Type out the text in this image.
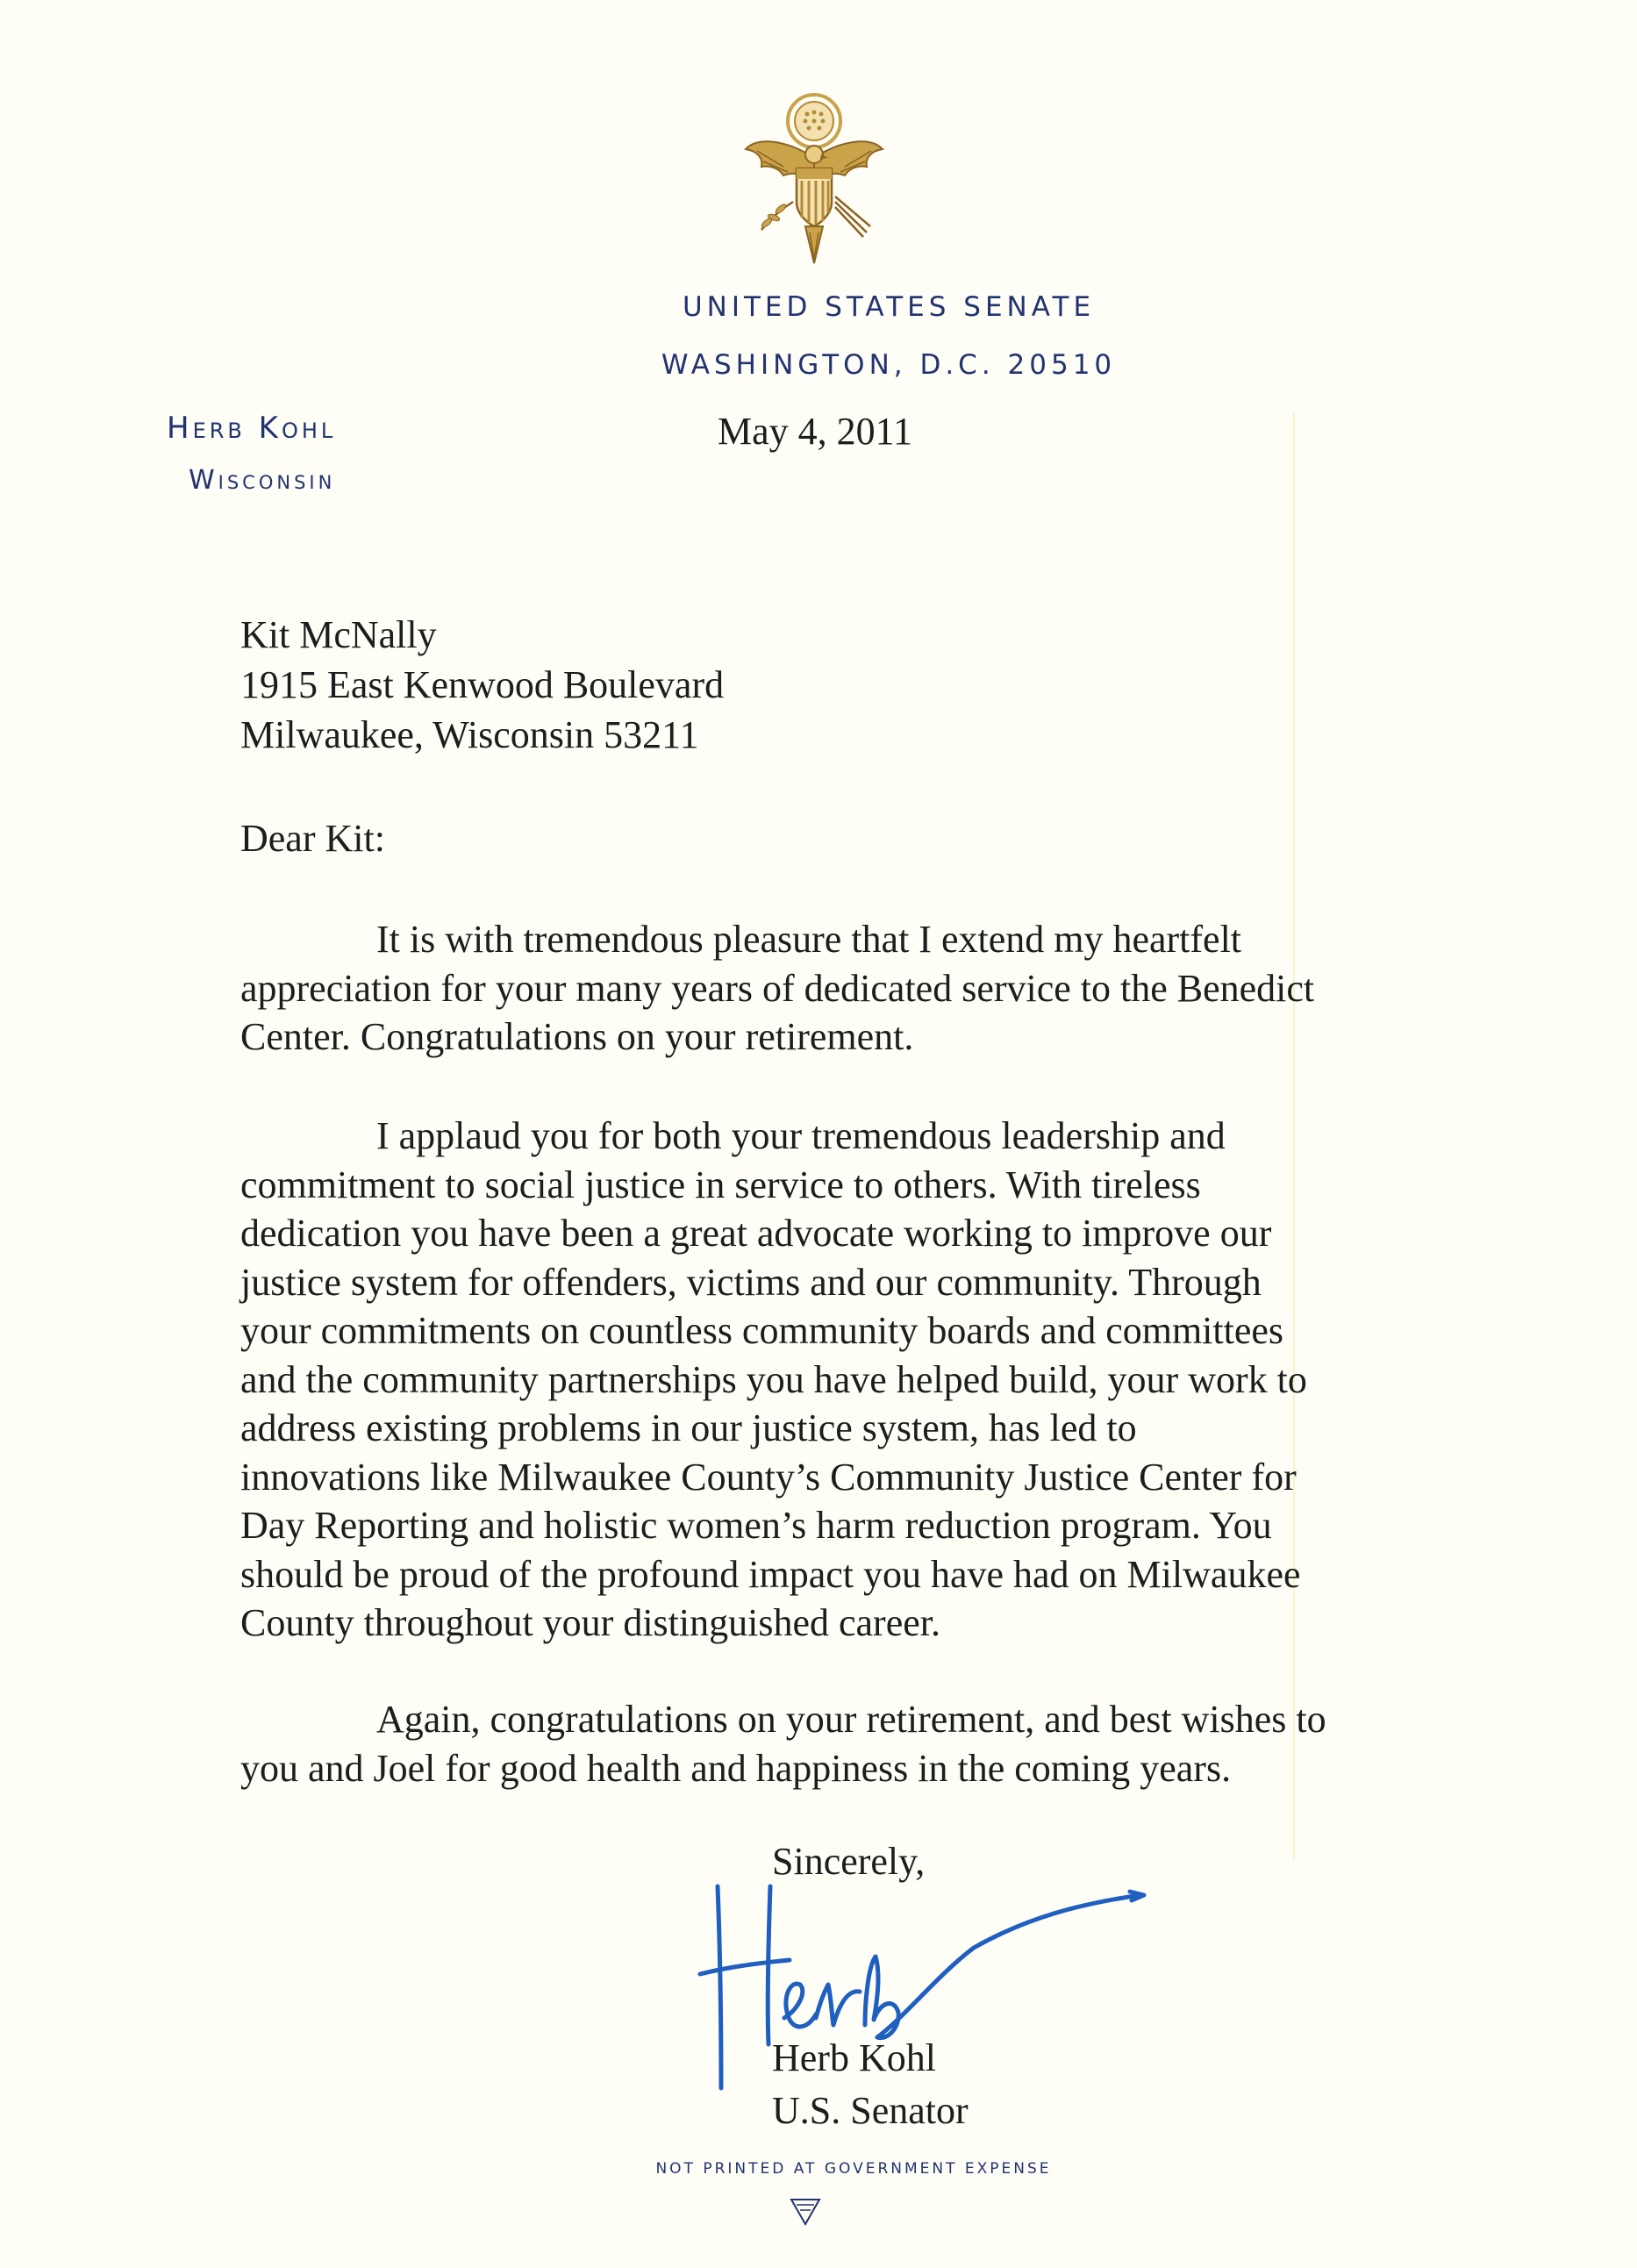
UNITED STATES SENATE
WASHINGTON, D.C. 20510
Herb Kohl
Wisconsin
May 4, 2011
Kit McNally
1915 East Kenwood Boulevard
Milwaukee, Wisconsin 53211
Dear Kit:
It is with tremendous pleasure that I extend my heartfelt
appreciation for your many years of dedicated service to the Benedict
Center. Congratulations on your retirement.
I applaud you for both your tremendous leadership and
commitment to social justice in service to others. With tireless
dedication you have been a great advocate working to improve our
justice system for offenders, victims and our community. Through
your commitments on countless community boards and committees
and the community partnerships you have helped build, your work to
address existing problems in our justice system, has led to
innovations like Milwaukee County’s Community Justice Center for
Day Reporting and holistic women’s harm reduction program. You
should be proud of the profound impact you have had on Milwaukee
County throughout your distinguished career.
Again, congratulations on your retirement, and best wishes to
you and Joel for good health and happiness in the coming years.
Sincerely,
Herb Kohl
U.S. Senator
NOT PRINTED AT GOVERNMENT EXPENSE
